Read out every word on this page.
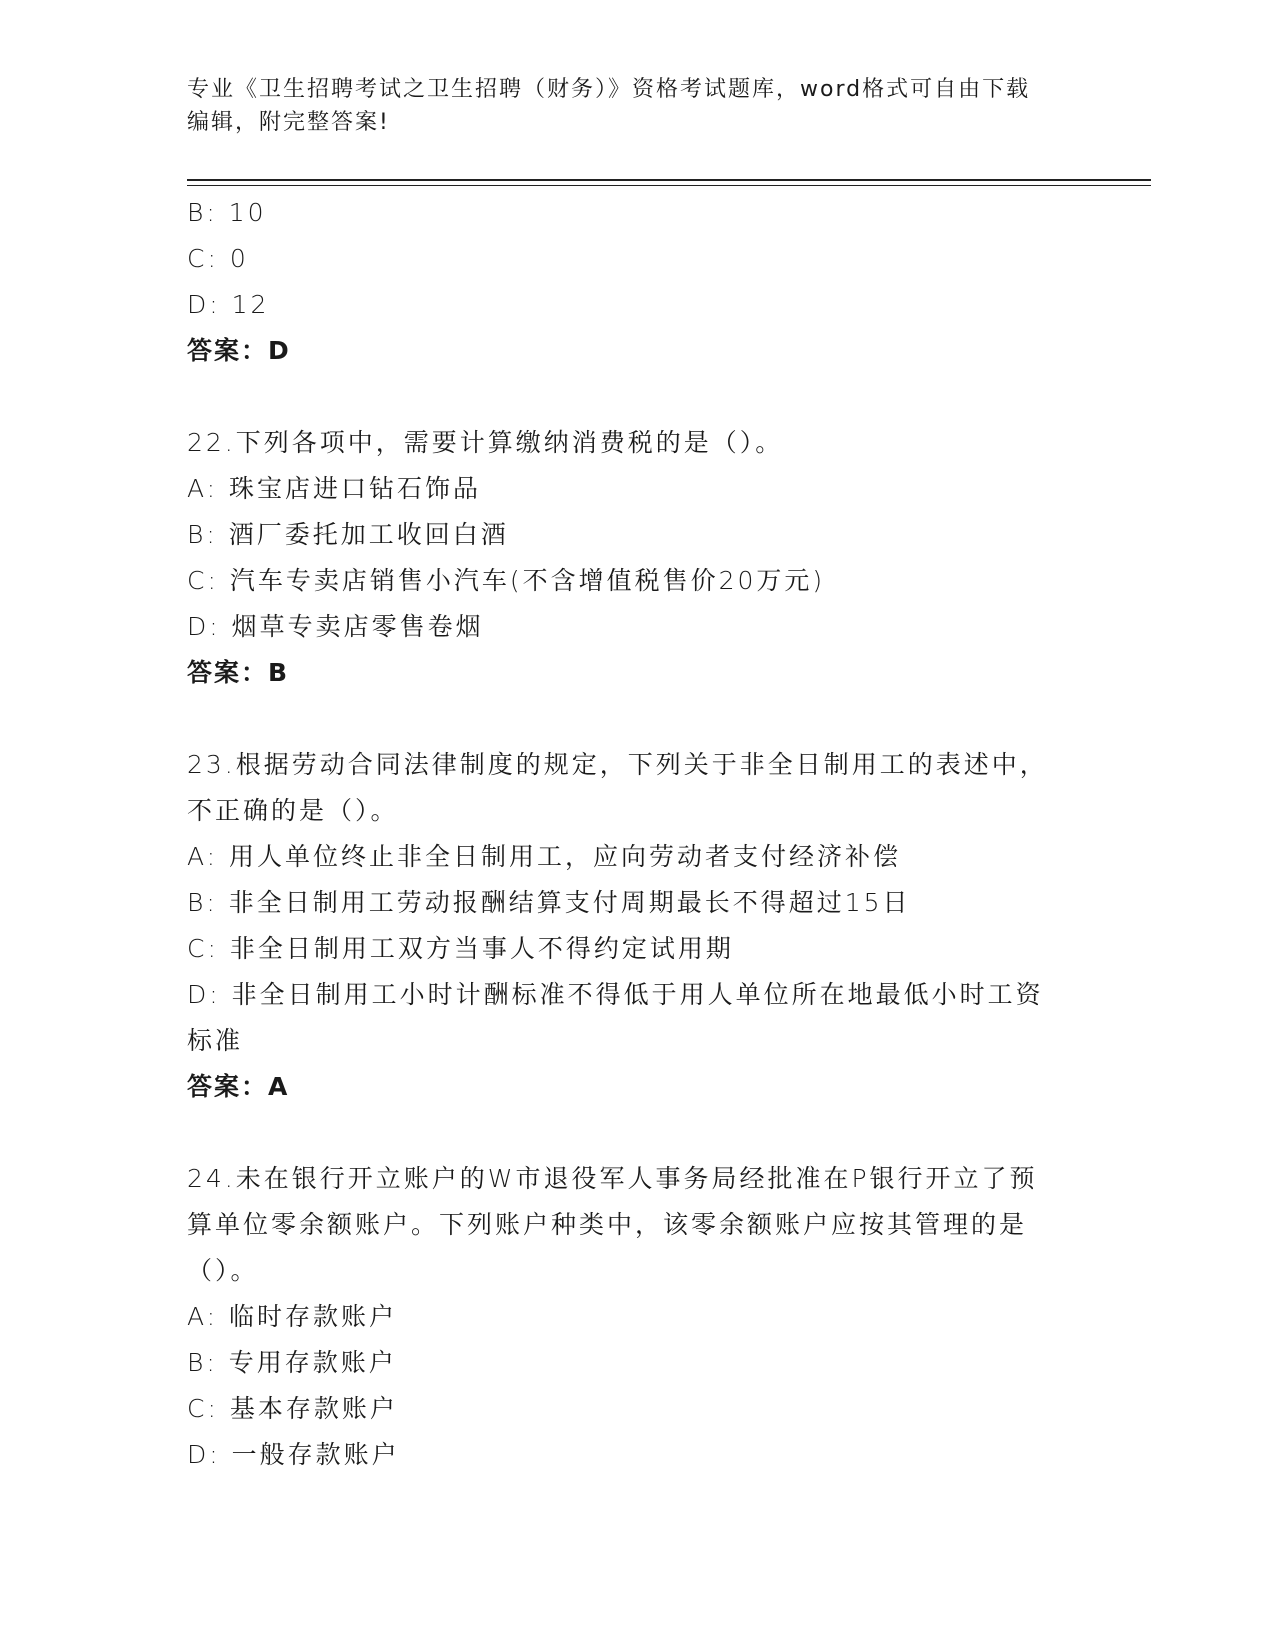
专业《卫生招聘考试之卫生招聘（财务）》资格考试题库，word格式可自由下载
编辑，附完整答案!
B: 10
C: 0
D: 12
答案：D
22.下列各项中，需要计算缴纳消费税的是（）。
A: 珠宝店进口钻石饰品
B: 酒厂委托加工收回白酒
C: 汽车专卖店销售小汽车(不含增值税售价20万元)
D: 烟草专卖店零售卷烟
答案：B
23.根据劳动合同法律制度的规定，下列关于非全日制用工的表述中，
不正确的是（）。
A: 用人单位终止非全日制用工，应向劳动者支付经济补偿
B: 非全日制用工劳动报酬结算支付周期最长不得超过15日
C: 非全日制用工双方当事人不得约定试用期
D: 非全日制用工小时计酬标准不得低于用人单位所在地最低小时工资
标准
答案：A
24.未在银行开立账户的W市退役军人事务局经批准在P银行开立了预
算单位零余额账户。下列账户种类中，该零余额账户应按其管理的是
（）。
A: 临时存款账户
B: 专用存款账户
C: 基本存款账户
D: 一般存款账户
